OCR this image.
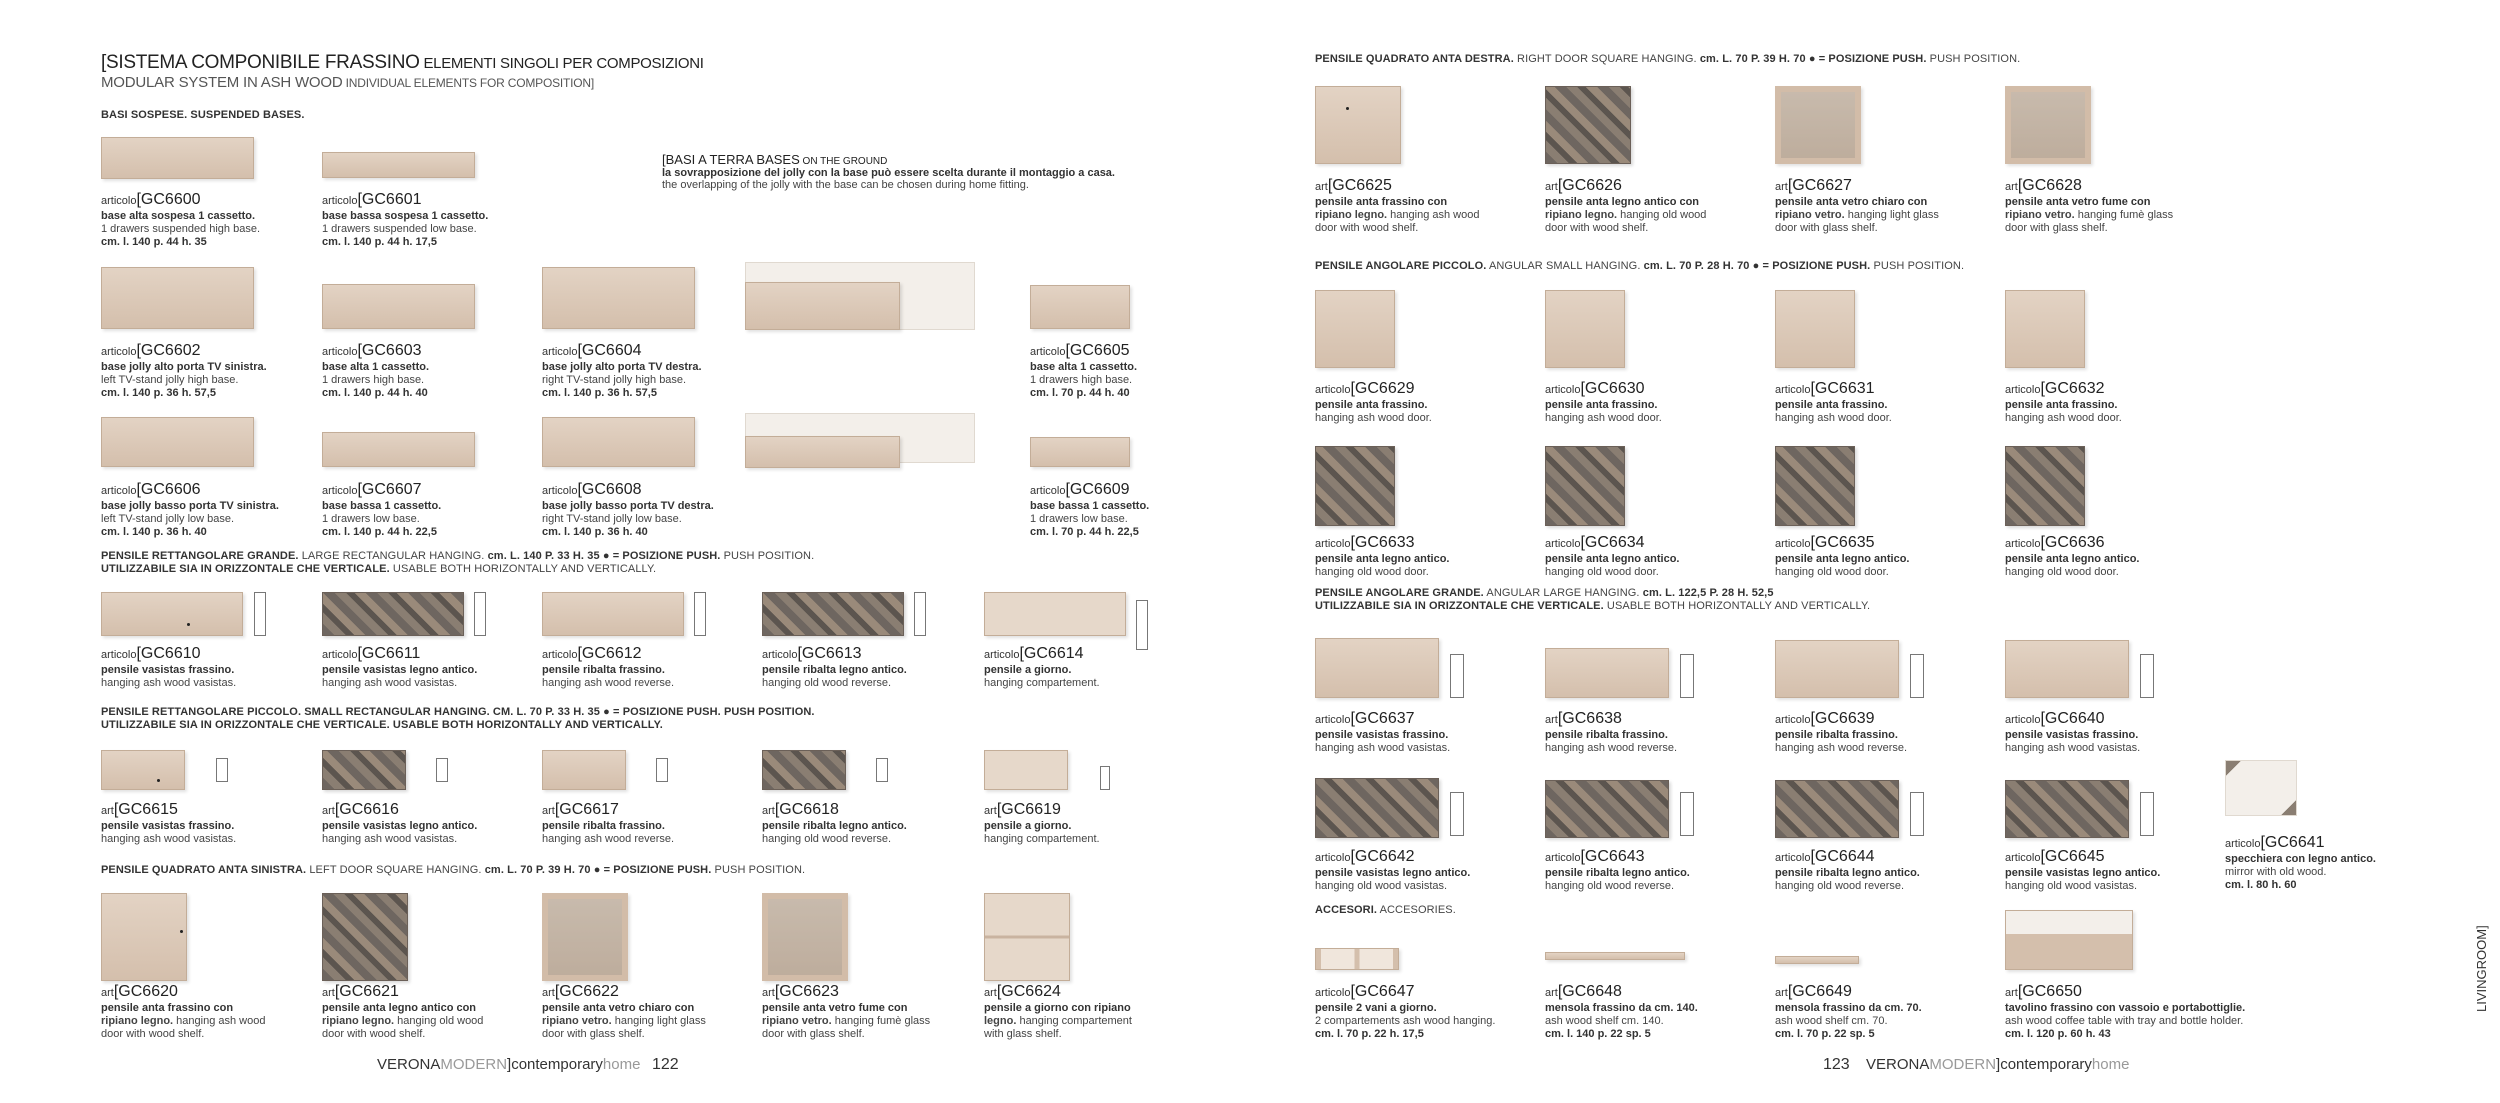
[SISTEMA COMPONIBILE FRASSINO ELEMENTI SINGOLI PER COMPOSIZIONI
MODULAR SYSTEM IN ASH WOOD INDIVIDUAL ELEMENTS FOR COMPOSITION]
BASI SOSPESE. SUSPENDED BASES.
[BASI A TERRA BASES ON THE GROUND
la sovrapposizione del jolly con la base può essere scelta durante il montaggio a casa.
the overlapping of the jolly with the base can be chosen during home fitting.
articolo[GC6600
base alta sospesa 1 cassetto.
1 drawers suspended high base.
cm. l. 140 p. 44 h. 35
articolo[GC6601
base bassa sospesa 1 cassetto.
1 drawers suspended low base.
cm. l. 140 p. 44 h. 17,5
articolo[GC6602
base jolly alto porta TV sinistra.
left TV-stand jolly high base.
cm. l. 140 p. 36 h. 57,5
articolo[GC6603
base alta 1 cassetto.
1 drawers high base.
cm. l. 140 p. 44 h. 40
articolo[GC6604
base jolly alto porta TV destra.
right TV-stand jolly high base.
cm. l. 140 p. 36 h. 57,5
articolo[GC6605
base alta 1 cassetto.
1 drawers high base.
cm. l. 70 p. 44 h. 40
articolo[GC6606
base jolly basso porta TV sinistra.
left TV-stand jolly low base.
cm. l. 140 p. 36 h. 40
articolo[GC6607
base bassa 1 cassetto.
1 drawers low base.
cm. l. 140 p. 44 h. 22,5
articolo[GC6608
base jolly basso porta TV destra.
right TV-stand jolly low base.
cm. l. 140 p. 36 h. 40
articolo[GC6609
base bassa 1 cassetto.
1 drawers low base.
cm. l. 70 p. 44 h. 22,5
PENSILE RETTANGOLARE GRANDE. LARGE RECTANGULAR HANGING. cm. L. 140 P. 33 H. 35 ● = POSIZIONE PUSH. PUSH POSITION.
UTILIZZABILE SIA IN ORIZZONTALE CHE VERTICALE. USABLE BOTH HORIZONTALLY AND VERTICALLY.
articolo[GC6610
pensile vasistas frassino.
hanging ash wood vasistas.
articolo[GC6611
pensile vasistas legno antico.
hanging ash wood vasistas.
articolo[GC6612
pensile ribalta frassino.
hanging ash wood reverse.
articolo[GC6613
pensile ribalta legno antico.
hanging old wood reverse.
articolo[GC6614
pensile a giorno.
hanging compartement.
PENSILE RETTANGOLARE PICCOLO. SMALL RECTANGULAR HANGING. CM. L. 70 P. 33 H. 35 ● = POSIZIONE PUSH. PUSH POSITION.
UTILIZZABILE SIA IN ORIZZONTALE CHE VERTICALE. USABLE BOTH HORIZONTALLY AND VERTICALLY.
art[GC6615
pensile vasistas frassino.
hanging ash wood vasistas.
art[GC6616
pensile vasistas legno antico.
hanging ash wood vasistas.
art[GC6617
pensile ribalta frassino.
hanging ash wood reverse.
art[GC6618
pensile ribalta legno antico.
hanging old wood reverse.
art[GC6619
pensile a giorno.
hanging compartement.
PENSILE QUADRATO ANTA SINISTRA. LEFT DOOR SQUARE HANGING. cm. L. 70 P. 39 H. 70 ● = POSIZIONE PUSH. PUSH POSITION.
art[GC6620
pensile anta frassino con
ripiano legno. hanging ash wood
door with wood shelf.
art[GC6621
pensile anta legno antico con
ripiano legno. hanging old wood
door with wood shelf.
art[GC6622
pensile anta vetro chiaro con
ripiano vetro. hanging light glass
door with glass shelf.
art[GC6623
pensile anta vetro fume con
ripiano vetro. hanging fumè glass
door with glass shelf.
art[GC6624
pensile a giorno con ripiano
legno. hanging compartement
with glass shelf.
VERONAMODERN]contemporaryhome 122
PENSILE QUADRATO ANTA DESTRA. RIGHT DOOR SQUARE HANGING. cm. L. 70 P. 39 H. 70 ● = POSIZIONE PUSH. PUSH POSITION.
art[GC6625
pensile anta frassino con
ripiano legno. hanging ash wood
door with wood shelf.
art[GC6626
pensile anta legno antico con
ripiano legno. hanging old wood
door with wood shelf.
art[GC6627
pensile anta vetro chiaro con
ripiano vetro. hanging light glass
door with glass shelf.
art[GC6628
pensile anta vetro fume con
ripiano vetro. hanging fumè glass
door with glass shelf.
PENSILE ANGOLARE PICCOLO. ANGULAR SMALL HANGING. cm. L. 70 P. 28 H. 70 ● = POSIZIONE PUSH. PUSH POSITION.
articolo[GC6629
pensile anta frassino.
hanging ash wood door.
articolo[GC6630
pensile anta frassino.
hanging ash wood door.
articolo[GC6631
pensile anta frassino.
hanging ash wood door.
articolo[GC6632
pensile anta frassino.
hanging ash wood door.
articolo[GC6633
pensile anta legno antico.
hanging old wood door.
articolo[GC6634
pensile anta legno antico.
hanging old wood door.
articolo[GC6635
pensile anta legno antico.
hanging old wood door.
articolo[GC6636
pensile anta legno antico.
hanging old wood door.
PENSILE ANGOLARE GRANDE. ANGULAR LARGE HANGING. cm. L. 122,5 P. 28 H. 52,5
UTILIZZABILE SIA IN ORIZZONTALE CHE VERTICALE. USABLE BOTH HORIZONTALLY AND VERTICALLY.
articolo[GC6637
pensile vasistas frassino.
hanging ash wood vasistas.
art[GC6638
pensile ribalta frassino.
hanging ash wood reverse.
articolo[GC6639
pensile ribalta frassino.
hanging ash wood reverse.
articolo[GC6640
pensile vasistas frassino.
hanging ash wood vasistas.
articolo[GC6642
pensile vasistas legno antico.
hanging old wood vasistas.
articolo[GC6643
pensile ribalta legno antico.
hanging old wood reverse.
articolo[GC6644
pensile ribalta legno antico.
hanging old wood reverse.
articolo[GC6645
pensile vasistas legno antico.
hanging old wood vasistas.
articolo[GC6641
specchiera con legno antico.
mirror with old wood.
cm. l. 80 h. 60
ACCESORI. ACCESORIES.
articolo[GC6647
pensile 2 vani a giorno.
2 compartements ash wood hanging.
cm. l. 70 p. 22 h. 17,5
art[GC6648
mensola frassino da cm. 140.
ash wood shelf cm. 140.
cm. l. 140 p. 22 sp. 5
art[GC6649
mensola frassino da cm. 70.
ash wood shelf cm. 70.
cm. l. 70 p. 22 sp. 5
art[GC6650
tavolino frassino con vassoio e portabottiglie.
ash wood coffee table with tray and bottle holder.
cm. l. 120 p. 60 h. 43
123 VERONAMODERN]contemporaryhome
LIVINGROOM]
